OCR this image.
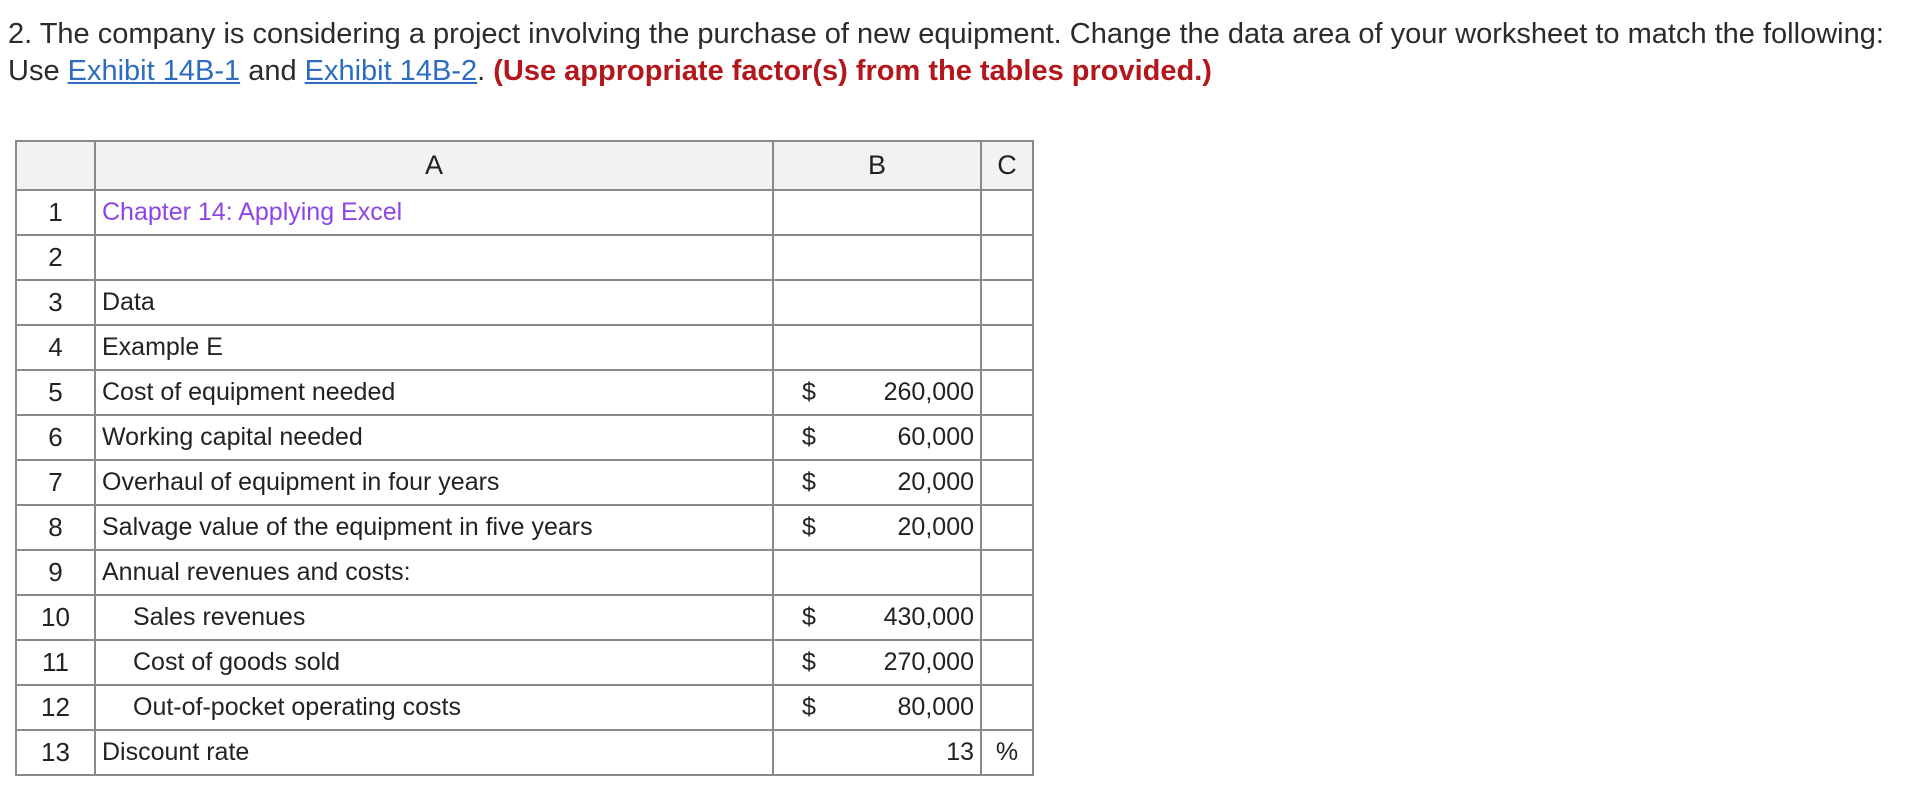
2. The company is considering a project involving the purchase of new equipment. Change the data area of your worksheet to match the following: Use Exhibit 14B-1 and Exhibit 14B-2. (Use appropriate factor(s) from the tables provided.)
	A	B	C
1	Chapter 14: Applying Excel		
2			
3	Data		
4	Example E		
5	Cost of equipment needed	$ 260,000	

6	Working capital needed	$ 60,000	

7	Overhaul of equipment in four years	$ 20,000	

8	Salvage value of the equipment in five years	$ 20,000	

9	Annual revenues and costs:		
10	Sales revenues	$ 430,000	

11	Cost of goods sold	$ 270,000	

12	Out-of-pocket operating costs	$ 80,000	

13	Discount rate	13	%
